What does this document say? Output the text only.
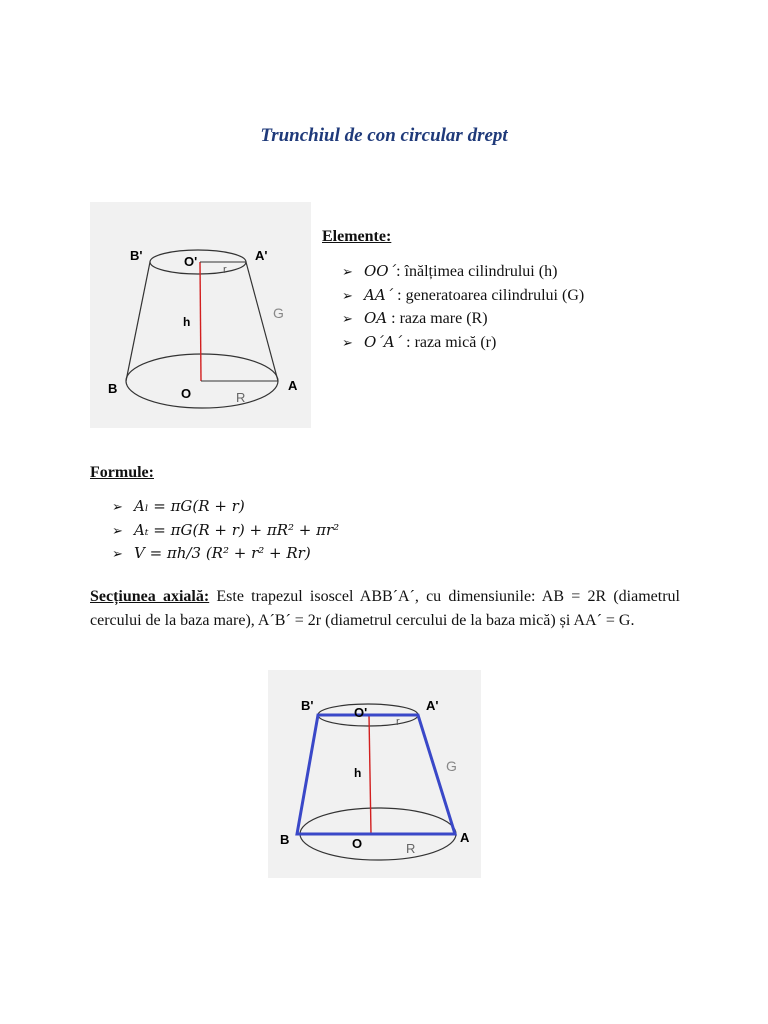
Trunchiul de con circular drept
B'	O'	A'
r
h
G
B	O
A
R
Elemente:
➢ OO´: înălțimea cilindrului (h)
➢ AA´ : generatoarea cilindrului (G)
➢ OA : raza mare (R)
➢ O´A´ : raza mică (r)
Formule:
➢ Aₗ = πG(R + r)
➢ Aₜ = πG(R + r) + πR² + πr²
➢ V = πh/3 (R² + r² + Rr)
Secțiunea axială: Este trapezul isoscel ABB´A´, cu dimensiunile: AB = 2R (diametrul cercului de la baza mare), A´B´ = 2r (diametrul cercului de la baza mică) și AA´ = G.
B'	O'	A'
r
h	G
B	O	A
R
